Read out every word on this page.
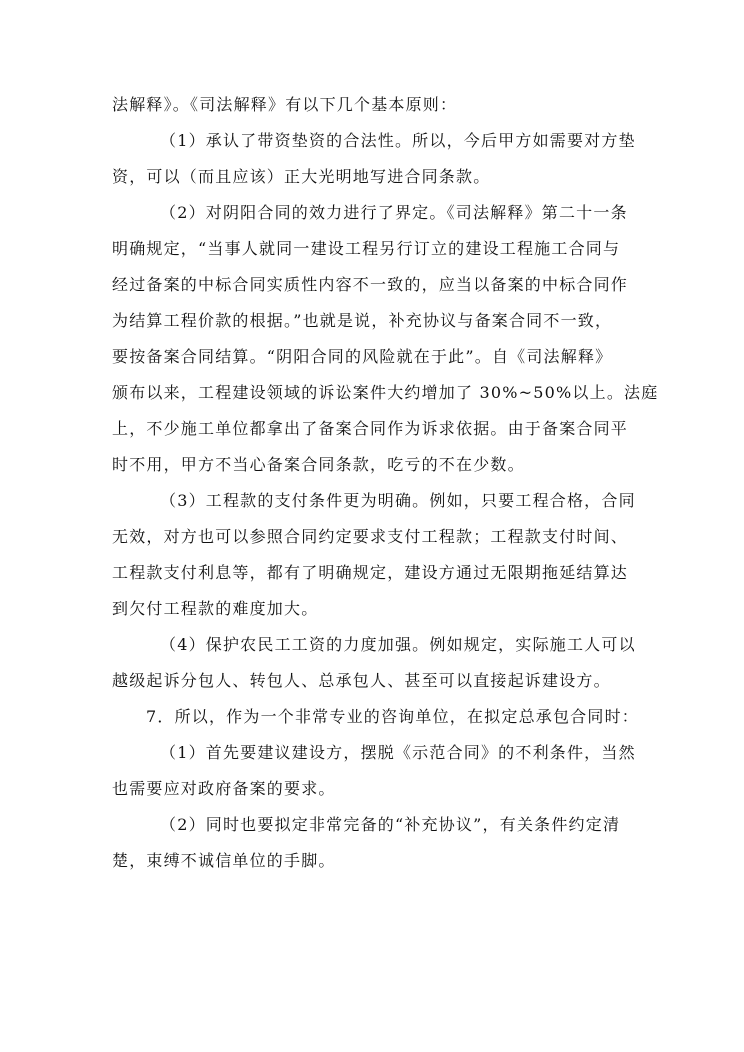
法解释》。《司法解释》有以下几个基本原则：
（1）承认了带资垫资的合法性。所以，今后甲方如需要对方垫
资，可以（而且应该）正大光明地写进合同条款。
（2）对阴阳合同的效力进行了界定。《司法解释》第二十一条
明确规定，“当事人就同一建设工程另行订立的建设工程施工合同与
经过备案的中标合同实质性内容不一致的，应当以备案的中标合同作
为结算工程价款的根据。”也就是说，补充协议与备案合同不一致，
要按备案合同结算。“阴阳合同的风险就在于此”。自《司法解释》
颁布以来，工程建设领域的诉讼案件大约增加了 30%~50%以上。法庭
上，不少施工单位都拿出了备案合同作为诉求依据。由于备案合同平
时不用，甲方不当心备案合同条款，吃亏的不在少数。
（3）工程款的支付条件更为明确。例如，只要工程合格，合同
无效，对方也可以参照合同约定要求支付工程款；工程款支付时间、
工程款支付利息等，都有了明确规定，建设方通过无限期拖延结算达
到欠付工程款的难度加大。
（4）保护农民工工资的力度加强。例如规定，实际施工人可以
越级起诉分包人、转包人、总承包人、甚至可以直接起诉建设方。
7．所以，作为一个非常专业的咨询单位，在拟定总承包合同时：
（1）首先要建议建设方，摆脱《示范合同》的不利条件，当然
也需要应对政府备案的要求。
（2）同时也要拟定非常完备的“补充协议”，有关条件约定清
楚，束缚不诚信单位的手脚。
